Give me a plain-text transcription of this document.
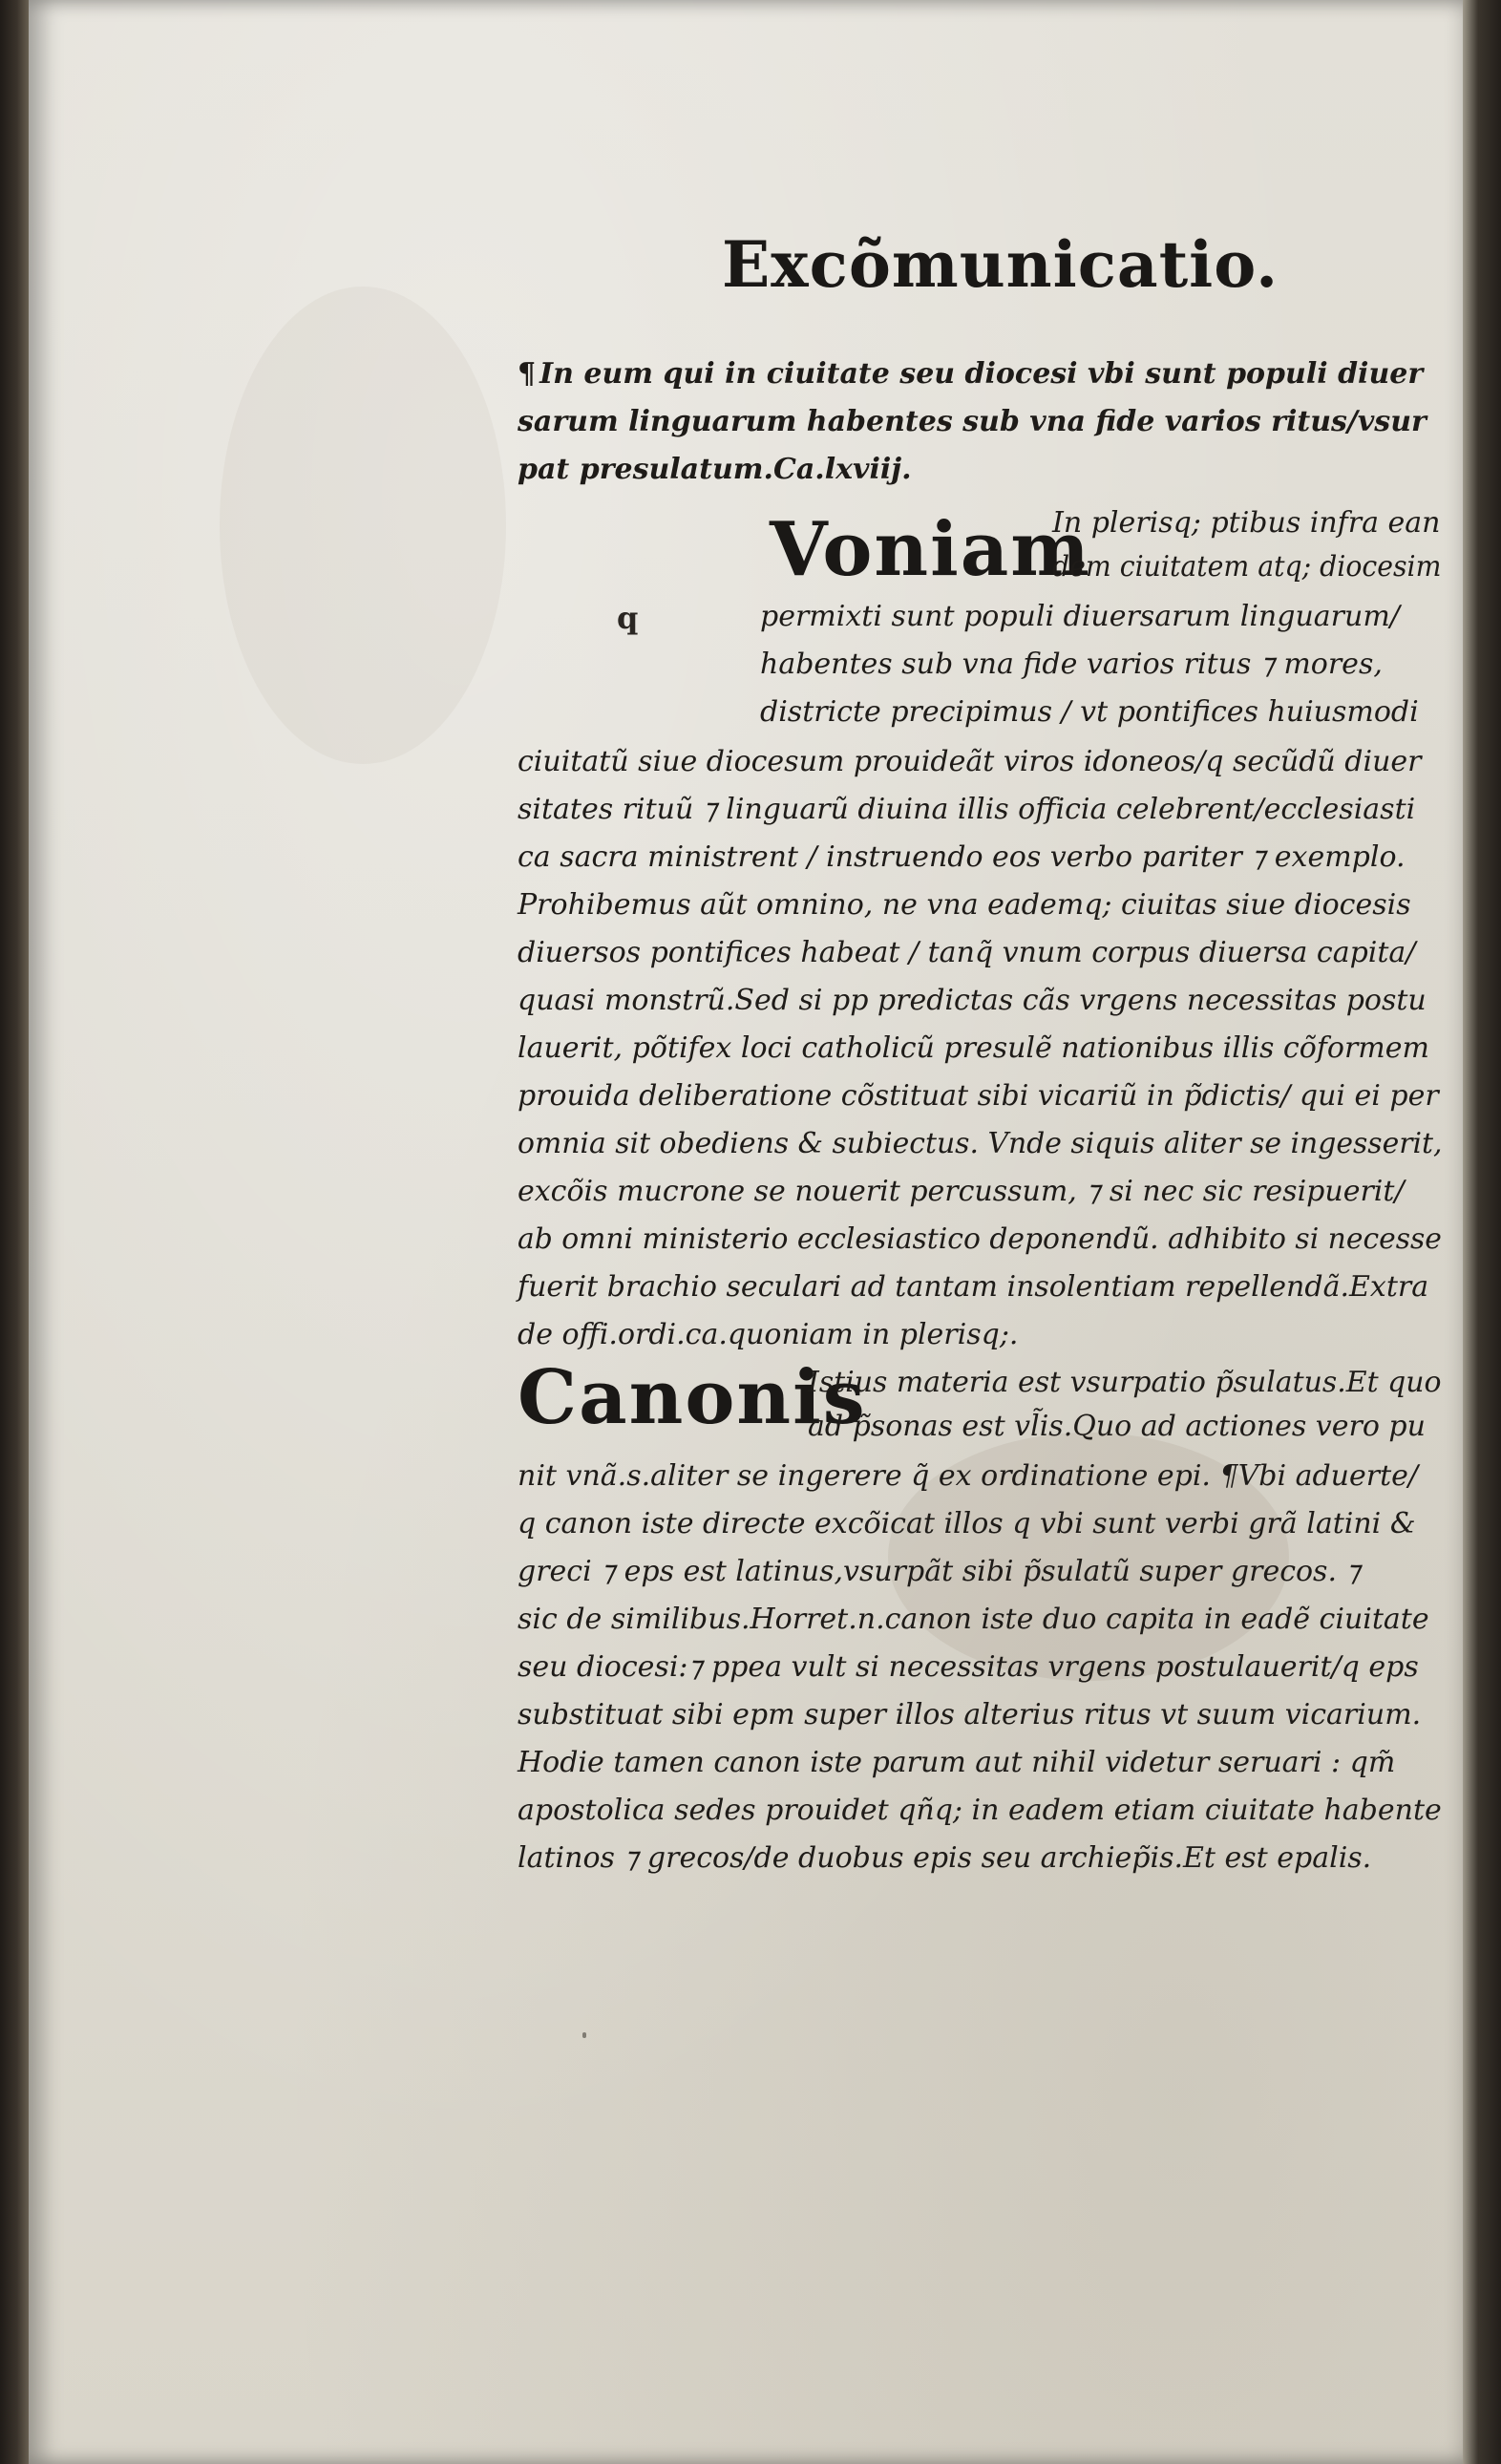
Excõmunicatio.
¶ In eum qui in ciuitate seu diocesi vbi sunt populi diuer
sarum linguarum habentes sub vna fide varios ritus/vsur
pat presulatum.Ca.lxviij.
Voniam
q
In plerisq; ptibus infra ean
dem ciuitatem atq; diocesim
permixti sunt populi diuersarum linguarum/
habentes sub vna fide varios ritus ⁊ mores,
districte precipimus / vt pontifices huiusmodi
ciuitatũ siue diocesum prouideãt viros idoneos/q secũdũ diuer
sitates rituũ ⁊ linguarũ diuina illis officia celebrent/ecclesiasti
ca sacra ministrent / instruendo eos verbo pariter ⁊ exemplo.
Prohibemus aũt omnino, ne vna eademq; ciuitas siue diocesis
diuersos pontifices habeat / tanq̃ vnum corpus diuersa capita/
quasi monstrũ.Sed si pp predictas cãs vrgens necessitas postu
lauerit, põtifex loci catholicũ presulẽ nationibus illis cõformem
prouida deliberatione cõstituat sibi vicariũ in p̃dictis/ qui ei per
omnia sit obediens & subiectus. Vnde siquis aliter se ingesserit,
excõis mucrone se nouerit percussum, ⁊ si nec sic resipuerit/
ab omni ministerio ecclesiastico deponendũ. adhibito si necesse
fuerit brachio seculari ad tantam insolentiam repellendã.Extra
de offi.ordi.ca.quoniam in plerisq;.
Canonis
Istius materia est vsurpatio p̃sulatus.Et quo
ad p̃sonas est vl̃is.Quo ad actiones vero pu
nit vnã.s.aliter se ingerere q̃ ex ordinatione epi. ¶Vbi aduerte/
q canon iste directe excõicat illos q vbi sunt verbi grã latini &
greci ⁊ eps est latinus,vsurpãt sibi p̃sulatũ super grecos. ⁊
sic de similibus.Horret.n.canon iste duo capita in eadẽ ciuitate
seu diocesi:⁊ ppea vult si necessitas vrgens postulauerit/q eps
substituat sibi epm super illos alterius ritus vt suum vicarium.
Hodie tamen canon iste parum aut nihil videtur seruari : qm̃
apostolica sedes prouidet qñq; in eadem etiam ciuitate habente
latinos ⁊ grecos/de duobus epis seu archiep̃is.Et est epalis.
